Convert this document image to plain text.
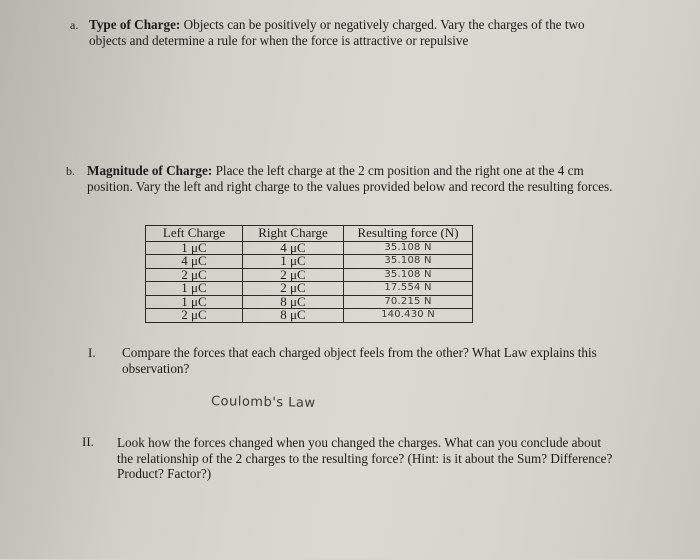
a. Type of Charge: Objects can be positively or negatively charged. Vary the charges of the two objects and determine a rule for when the force is attractive or repulsive
b. Magnitude of Charge: Place the left charge at the 2 cm position and the right one at the 4 cm position. Vary the left and right charge to the values provided below and record the resulting forces.
Left Charge	Right Charge	Resulting force (N)
1 μC	4 μC	35.108 N
4 μC	1 μC	35.108 N
2 μC	2 μC	35.108 N
1 μC	2 μC	17.554 N
1 μC	8 μC	70.215 N
2 μC	8 μC	140.430 N
I. Compare the forces that each charged object feels from the other? What Law explains this observation?
Coulomb's Law
II. Look how the forces changed when you changed the charges. What can you conclude about the relationship of the 2 charges to the resulting force? (Hint: is it about the Sum? Difference? Product? Factor?)
